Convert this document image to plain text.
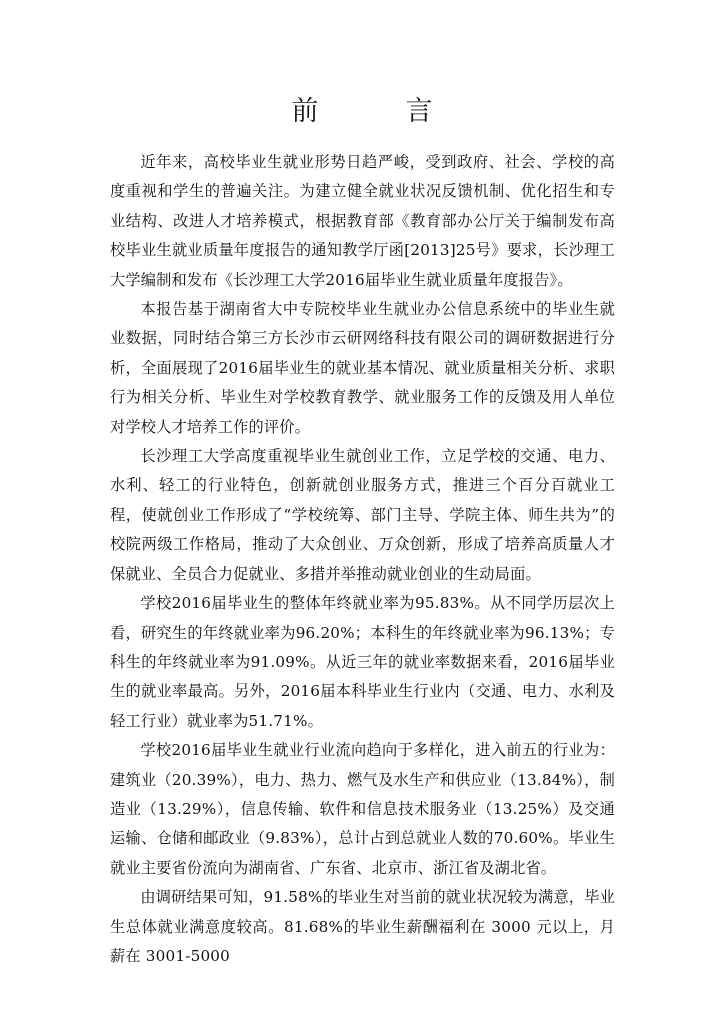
前　言

近年来，高校毕业生就业形势日趋严峻，受到政府、社会、学校的高度重视和学生的普遍关注。为建立健全就业状况反馈机制、优化招生和专业结构、改进人才培养模式，根据教育部《教育部办公厅关于编制发布高校毕业生就业质量年度报告的通知教学厅函[2013]25号》要求，长沙理工大学编制和发布《长沙理工大学2016届毕业生就业质量年度报告》。

本报告基于湖南省大中专院校毕业生就业办公信息系统中的毕业生就业数据，同时结合第三方长沙市云研网络科技有限公司的调研数据进行分析，全面展现了2016届毕业生的就业基本情况、就业质量相关分析、求职行为相关分析、毕业生对学校教育教学、就业服务工作的反馈及用人单位对学校人才培养工作的评价。

长沙理工大学高度重视毕业生就创业工作，立足学校的交通、电力、水利、轻工的行业特色，创新就创业服务方式，推进三个百分百就业工程，使就创业工作形成了“学校统筹、部门主导、学院主体、师生共为”的校院两级工作格局，推动了大众创业、万众创新，形成了培养高质量人才保就业、全员合力促就业、多措并举推动就业创业的生动局面。

学校2016届毕业生的整体年终就业率为95.83%。从不同学历层次上看，研究生的年终就业率为96.20%；本科生的年终就业率为96.13%；专科生的年终就业率为91.09%。从近三年的就业率数据来看，2016届毕业生的就业率最高。另外，2016届本科毕业生行业内（交通、电力、水利及轻工行业）就业率为51.71%。

学校2016届毕业生就业行业流向趋向于多样化，进入前五的行业为：建筑业（20.39%），电力、热力、燃气及水生产和供应业（13.84%），制造业（13.29%），信息传输、软件和信息技术服务业（13.25%）及交通运输、仓储和邮政业（9.83%），总计占到总就业人数的70.60%。毕业生就业主要省份流向为湖南省、广东省、北京市、浙江省及湖北省。

由调研结果可知，91.58%的毕业生对当前的就业状况较为满意，毕业生总体就业满意度较高。81.68%的毕业生薪酬福利在 3000 元以上，月薪在 3001-5000
